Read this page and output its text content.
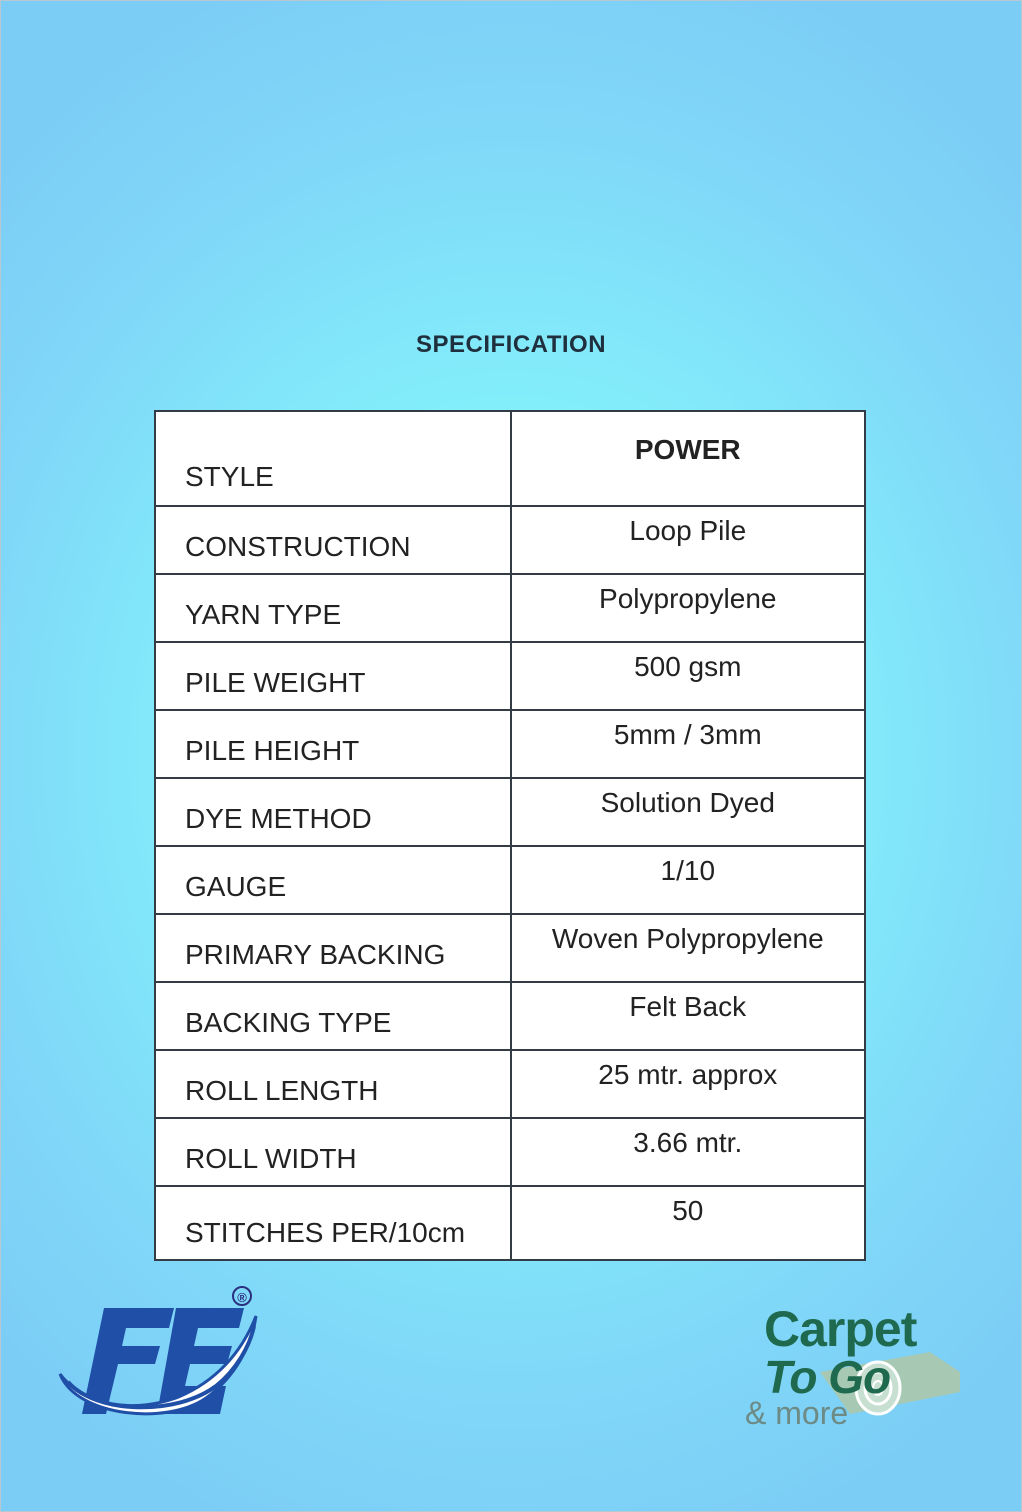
SPECIFICATION
STYLE	POWER
CONSTRUCTION	Loop Pile
YARN TYPE	Polypropylene
PILE WEIGHT	500 gsm
PILE HEIGHT	5mm / 3mm
DYE METHOD	Solution Dyed
GAUGE	1/10
PRIMARY BACKING	Woven Polypropylene
BACKING TYPE	Felt Back
ROLL LENGTH	25 mtr. approx
ROLL WIDTH	3.66 mtr.
STITCHES PER/10cm	50
®
Carpet
To Go
& more
